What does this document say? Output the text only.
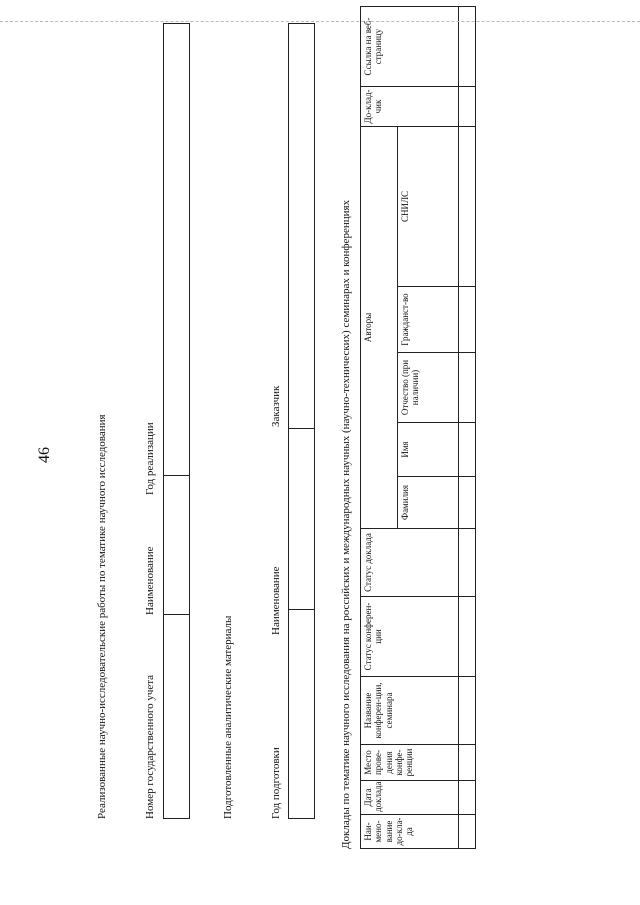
46	Реализованные научно-исследовательские работы по тематике научного исследования	Номер государственного учета
Наименование
Год реализации
Подготовленные аналитические материалы	Год подготовки
Наименование
Заказчик	Доклады по тематике научного исследования на российских и международных научных (научно-технических) семинарах и конференциях Наи-мено-вание до-кла-да	Дата доклада	Место прове-дения конфе-ренции	Название конферен-ции, семинара	Статус конферен-ции	Статус доклада	Авторы					До-клад-чик	Ссылка на веб-страницу
						Фамилия	Имя	Отчество (при наличии)	Гражданст-во	СНИЛС		
